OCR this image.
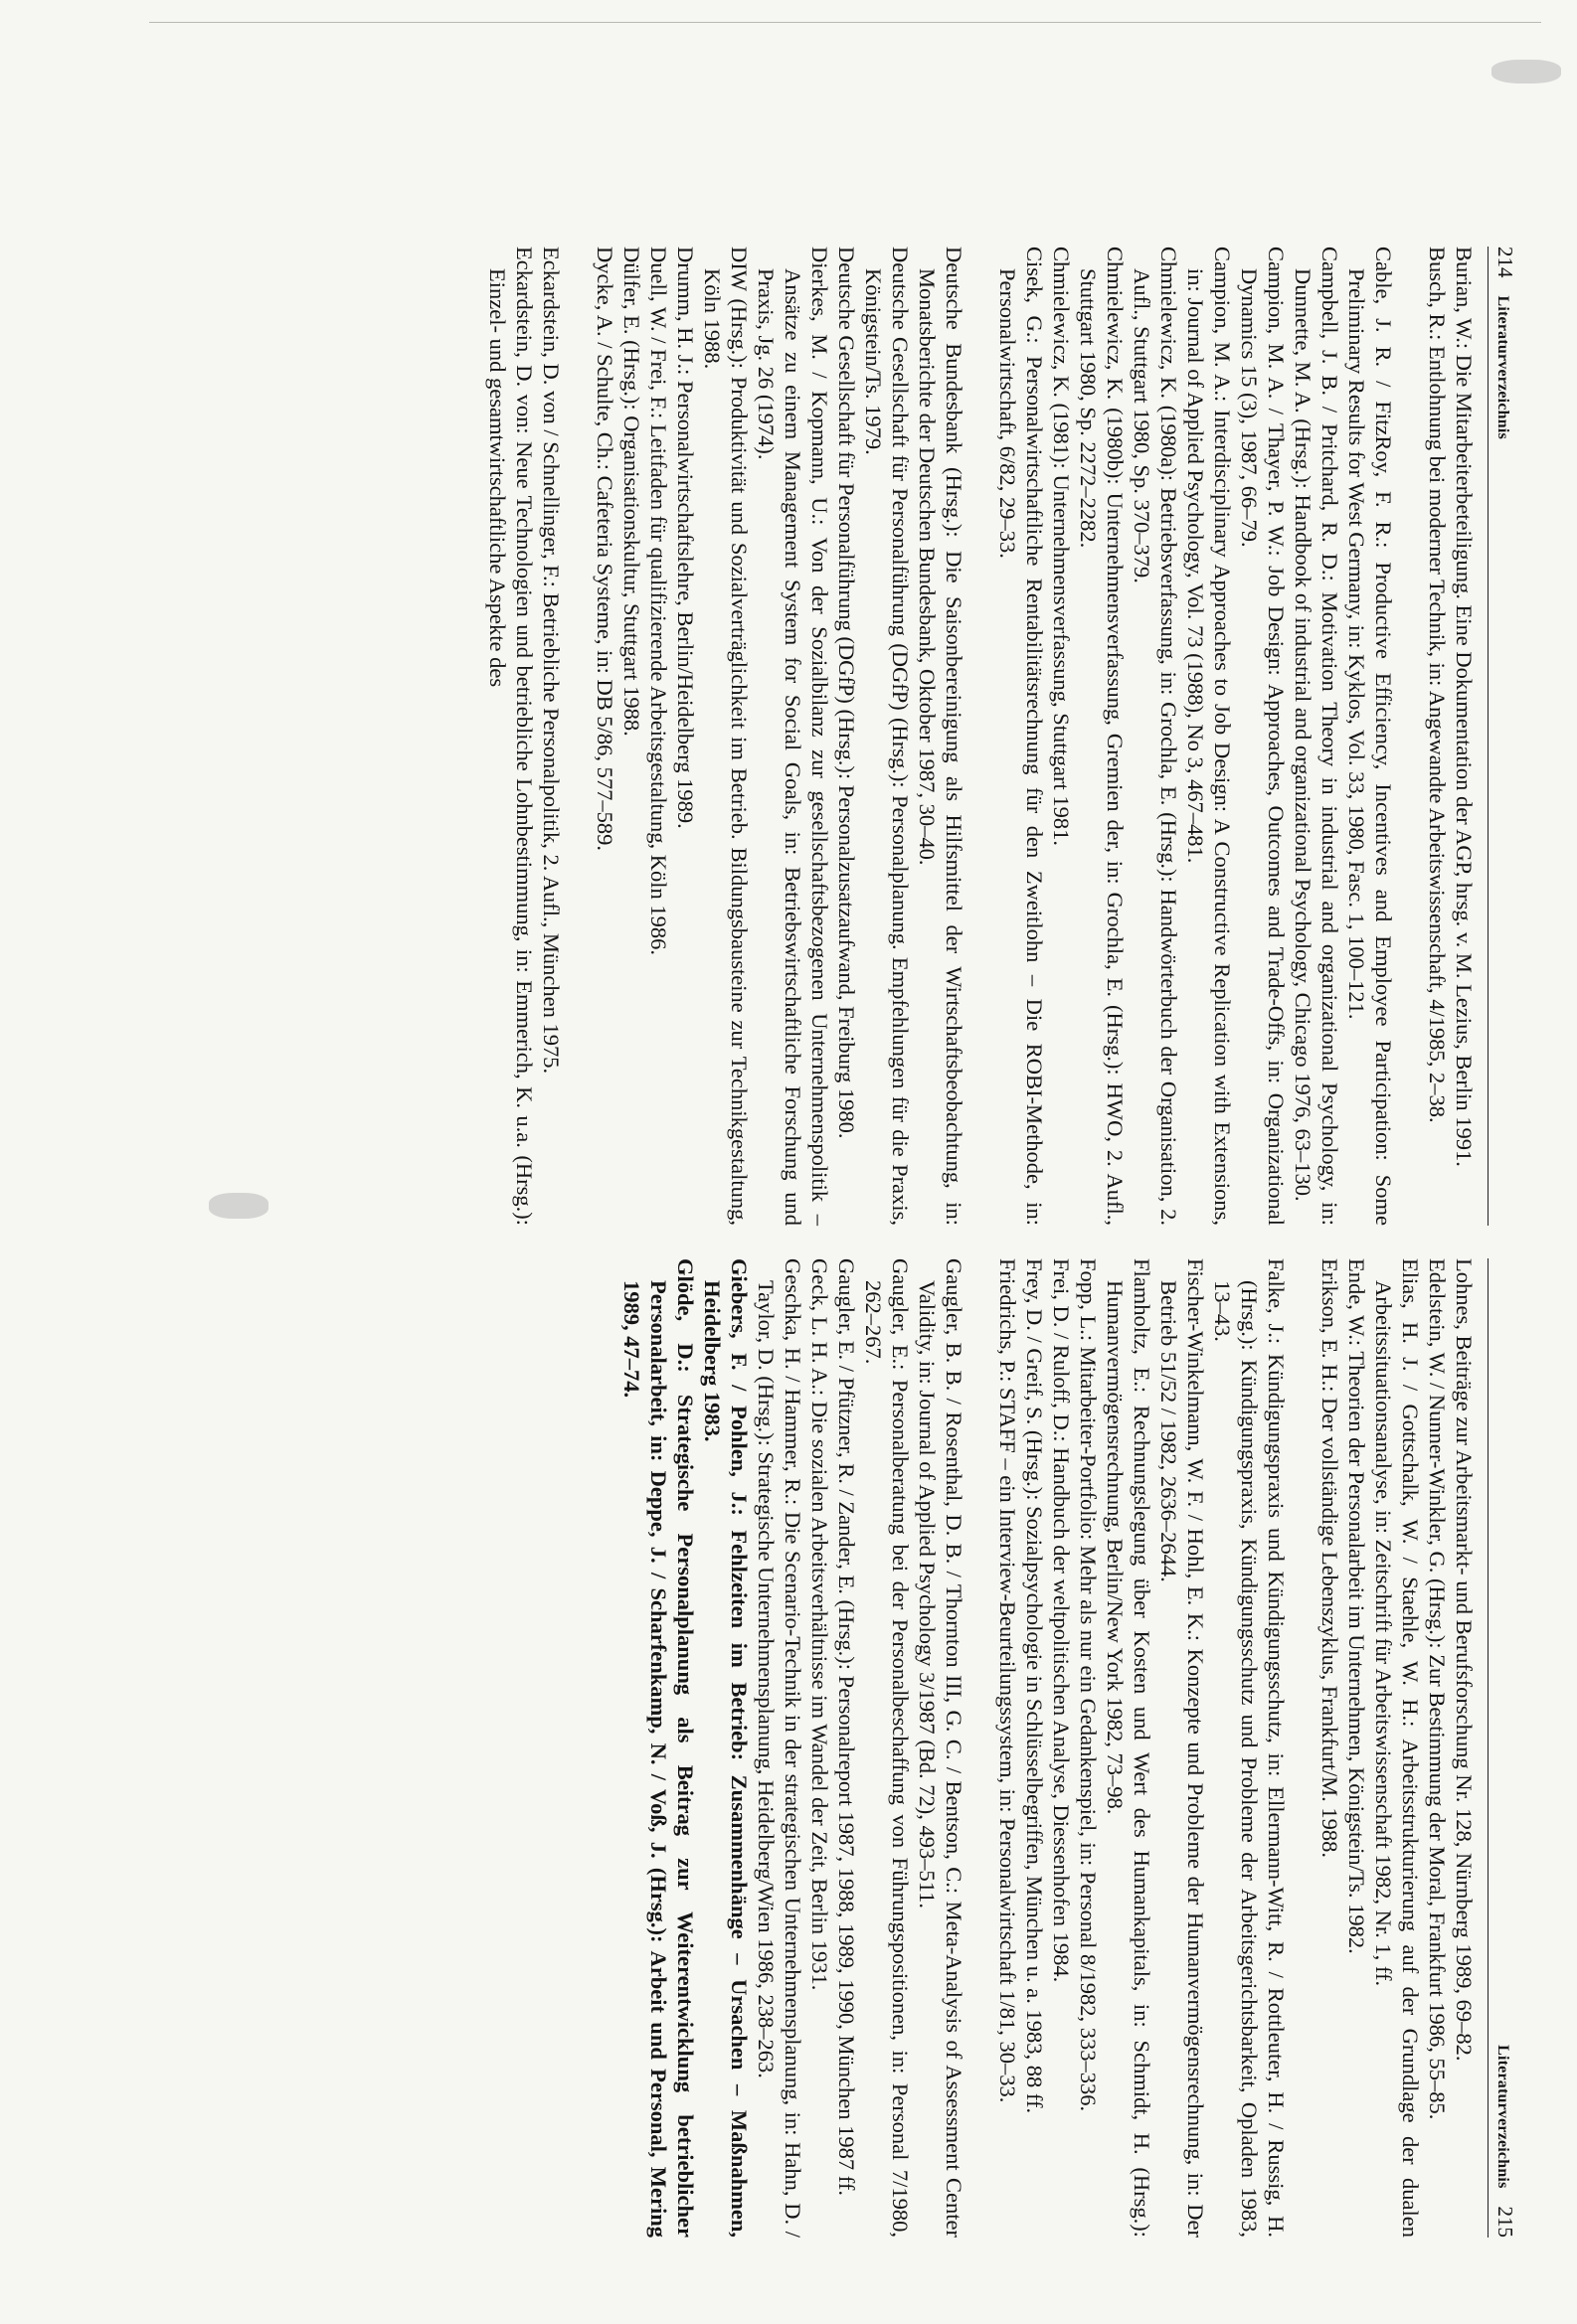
214
Literaturverzeichnis

Burian, W.: Die Mitarbeiterbeteiligung. Eine Dokumentation der AGP, hrsg. v. M. Lezius, Berlin 1991.

Busch, R.: Entlohnung bei moderner Technik, in: Angewandte Arbeitswissenschaft, 4/1985, 2–38.

Cable, J. R. / FitzRoy, F. R.: Productive Efficiency, Incentives and Employee Participation: Some Preliminary Results for West Germany, in: Kyklos, Vol. 33, 1980, Fasc. 1, 100–121.

Campbell, J. B. / Pritchard, R. D.: Motivation Theory in industrial and organizational Psychology, in: Dunnette, M. A. (Hrsg.): Handbook of industrial and organizational Psychology, Chicago 1976, 63–130.

Campion, M. A. / Thayer, P. W.: Job Design: Approaches, Outcomes and Trade-Offs, in: Organizational Dynamics 15 (3), 1987, 66–79.

Campion, M. A.: Interdisciplinary Approaches to Job Design: A Constructive Replication with Extensions, in: Journal of Applied Psychology, Vol. 73 (1988), No 3, 467–481.

Chmielewicz, K. (1980a): Betriebsverfassung, in: Grochla, E. (Hrsg.): Handwörterbuch der Organisation, 2. Aufl., Stuttgart 1980, Sp. 370–379.

Chmielewicz, K. (1980b): Unternehmensverfassung, Gremien der, in: Grochla, E. (Hrsg.): HWO, 2. Aufl., Stuttgart 1980, Sp. 2272–2282.

Chmielewicz, K. (1981): Unternehmensverfassung, Stuttgart 1981.

Cisek, G.: Personalwirtschaftliche Rentabilitätsrechnung für den Zweitlohn – Die ROBI-Methode, in: Personalwirtschaft, 6/82, 29–33.

Deutsche Bundesbank (Hrsg.): Die Saisonbereinigung als Hilfsmittel der Wirtschaftsbeobachtung, in: Monatsberichte der Deutschen Bundesbank, Oktober 1987, 30–40.

Deutsche Gesellschaft für Personalführung (DGfP) (Hrsg.): Personalplanung. Empfehlungen für die Praxis, Königstein/Ts. 1979.

Deutsche Gesellschaft für Personalführung (DGfP) (Hrsg.): Personalzusatzaufwand, Freiburg 1980.

Dierkes, M. / Kopmann, U.: Von der Sozialbilanz zur gesellschaftsbezogenen Unternehmenspolitik – Ansätze zu einem Management System for Social Goals, in: Betriebswirtschaftliche Forschung und Praxis, Jg. 26 (1974).

DIW (Hrsg.): Produktivität und Sozialverträglichkeit im Betrieb. Bildungsbausteine zur Technikgestaltung, Köln 1988.

Drumm, H. J.: Personalwirtschaftslehre, Berlin/Heidelberg 1989.

Duell, W. / Frei, F.: Leitfaden für qualifizierende Arbeitsgestaltung, Köln 1986.

Dülfer, E. (Hrsg.): Organisationskultur, Stuttgart 1988.

Dycke, A. / Schulte, Ch.: Cafeteria Systeme, in: DB 5/86, 577–589.

Eckardstein, D. von / Schnellinger, F.: Betriebliche Personalpolitik, 2. Aufl., München 1975.

Eckardstein, D. von: Neue Technologien und betriebliche Lohnbestimmung, in: Emmerich, K. u.a. (Hrsg.): Einzel- und gesamtwirtschaftliche Aspekte des

Literaturverzeichnis
215

Lohnes, Beiträge zur Arbeitsmarkt- und Berufsforschung Nr. 128, Nürnberg 1989, 69–82.

Edelstein, W. / Nunner-Winkler, G. (Hrsg.): Zur Bestimmung der Moral, Frankfurt 1986, 55–85.

Elias, H. J. / Gottschalk, W. / Staehle, W. H.: Arbeitsstrukturierung auf der Grundlage der dualen Arbeitssituationsanalyse, in: Zeitschrift für Arbeitswissenschaft 1982, Nr. 1, ff.

Ende, W.: Theorien der Personalarbeit im Unternehmen, Königstein/Ts. 1982.

Erikson, E. H.: Der vollständige Lebenszyklus, Frankfurt/M. 1988.

Falke, J.: Kündigungspraxis und Kündigungsschutz, in: Ellermann-Witt, R. / Rottleuter, H. / Russig, H. (Hrsg.): Kündigungspraxis, Kündigungsschutz und Probleme der Arbeitsgerichtsbarkeit, Opladen 1983, 13–43.

Fischer-Winkelmann, W. F. / Hohl, E. K.: Konzepte und Probleme der Humanvermögensrechnung, in: Der Betrieb 51/52 / 1982, 2636–2644.

Flamholtz, E.: Rechnungslegung über Kosten und Wert des Humankapitals, in: Schmidt, H. (Hrsg.): Humanvermögensrechnung, Berlin/New York 1982, 73–98.

Fopp, L.: Mitarbeiter-Portfolio: Mehr als nur ein Gedankenspiel, in: Personal 8/1982, 333–336.

Frei, D. / Ruloff, D.: Handbuch der weltpolitischen Analyse, Diessenhofen 1984.

Frey, D. / Greif, S. (Hrsg.): Sozialpsychologie in Schlüsselbegriffen, München u. a. 1983, 88 ff.

Friedrichs, P.: STAFF – ein Interview-Beurteilungssystem, in: Personalwirtschaft 1/81, 30–33.

Gaugler, B. B. / Rosenthal, D. B. / Thornton III, G. C. / Bentson, C.: Meta-Analysis of Assessment Center Validity, in: Journal of Applied Psychology 3/1987 (Bd. 72), 493–511.

Gaugler, E.: Personalberatung bei der Personalbeschaffung von Führungspositionen, in: Personal 7/1980, 262–267.

Gaugler, E. / Pfützner, R. / Zander, E. (Hrsg.): Personalreport 1987, 1988, 1989, 1990, München 1987 ff.

Geck, L. H. A.: Die sozialen Arbeitsverhältnisse im Wandel der Zeit, Berlin 1931.

Geschka, H. / Hammer, R.: Die Scenario-Technik in der strategischen Unternehmensplanung, in: Hahn, D. / Taylor, D. (Hrsg.): Strategische Unternehmensplanung, Heidelberg/Wien 1986, 238–263.

Giebers, F. / Pohlen, J.: Fehlzeiten im Betrieb: Zusammenhänge – Ursachen – Maßnahmen, Heidelberg 1983.

Glöde, D.: Strategische Personalplanung als Beitrag zur Weiterentwicklung betrieblicher Personalarbeit, in: Deppe, J. / Scharfenkamp, N. / Voß, J. (Hrsg.): Arbeit und Personal, Mering 1989, 47–74.
